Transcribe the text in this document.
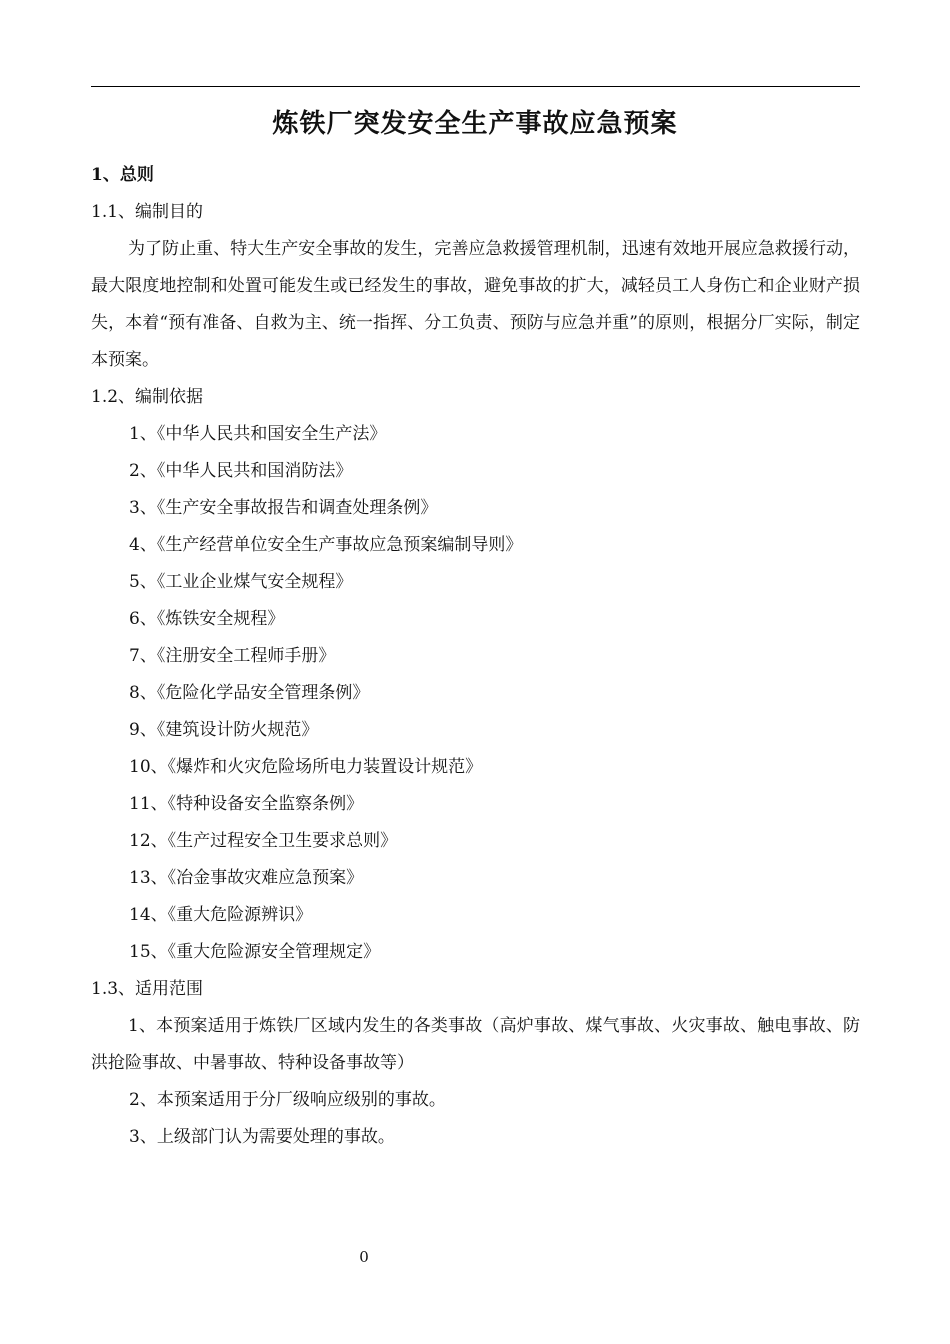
炼铁厂突发安全生产事故应急预案

1、总则

1.1、编制目的

为了防止重、特大生产安全事故的发生，完善应急救援管理机制，迅速有效地开展应急救援行动，最大限度地控制和处置可能发生或已经发生的事故，避免事故的扩大，减轻员工人身伤亡和企业财产损失，本着“预有准备、自救为主、统一指挥、分工负责、预防与应急并重”的原则，根据分厂实际，制定本预案。

1.2、编制依据

1、《中华人民共和国安全生产法》

2、《中华人民共和国消防法》

3、《生产安全事故报告和调查处理条例》

4、《生产经营单位安全生产事故应急预案编制导则》

5、《工业企业煤气安全规程》

6、《炼铁安全规程》

7、《注册安全工程师手册》

8、《危险化学品安全管理条例》

9、《建筑设计防火规范》

10、《爆炸和火灾危险场所电力装置设计规范》

11、《特种设备安全监察条例》

12、《生产过程安全卫生要求总则》

13、《冶金事故灾难应急预案》

14、《重大危险源辨识》

15、《重大危险源安全管理规定》

1.3、适用范围

1、本预案适用于炼铁厂区域内发生的各类事故（高炉事故、煤气事故、火灾事故、触电事故、防洪抢险事故、中暑事故、特种设备事故等）

2、本预案适用于分厂级响应级别的事故。

3、上级部门认为需要处理的事故。

0
